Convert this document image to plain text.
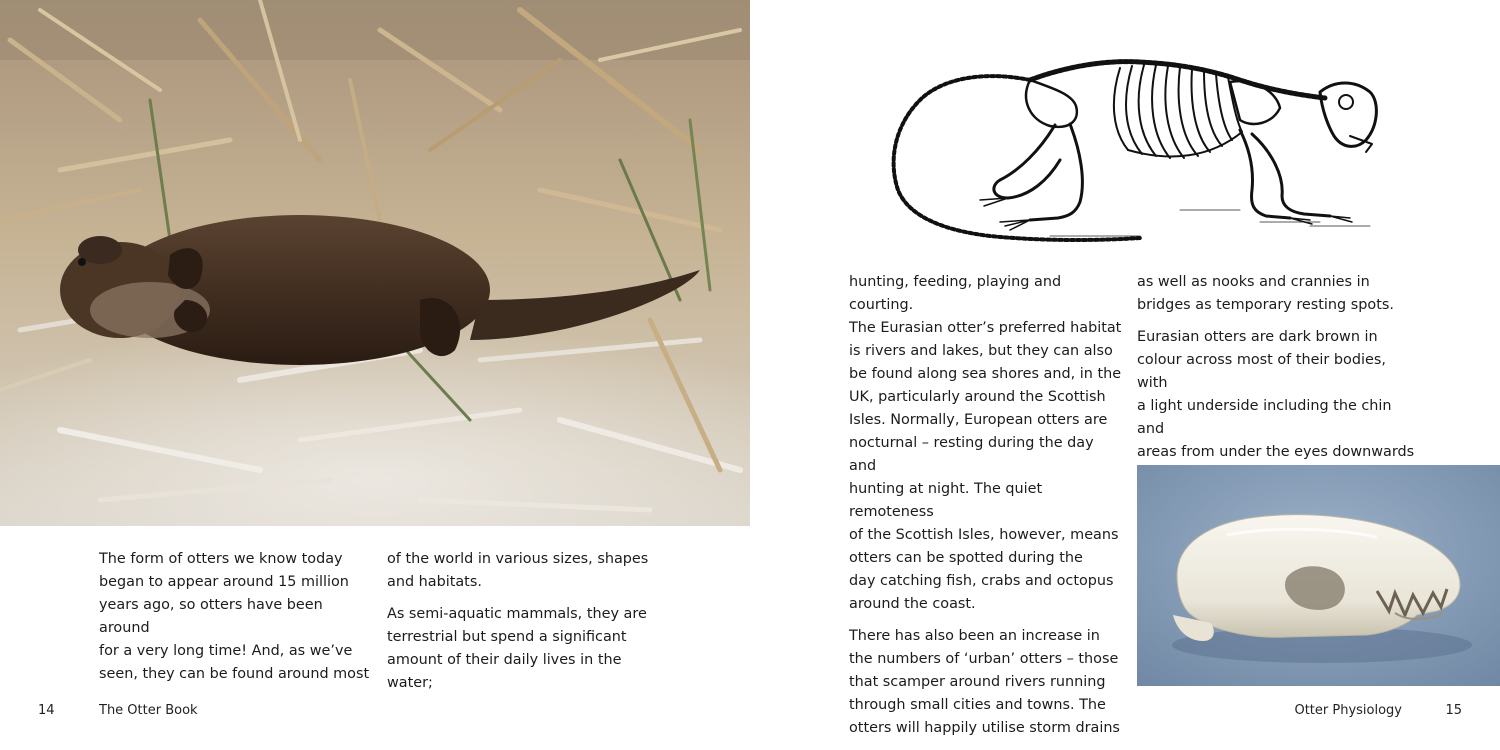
The form of otters we know today
began to appear around 15 million
years ago, so otters have been around
for a very long time! And, as we’ve
seen, they can be found around most

of the world in various sizes, shapes
and habitats.

As semi-aquatic mammals, they are
terrestrial but spend a significant
amount of their daily lives in the water;

14	The Otter Book

hunting, feeding, playing and courting.
The Eurasian otter’s preferred habitat
is rivers and lakes, but they can also
be found along sea shores and, in the
UK, particularly around the Scottish
Isles. Normally, European otters are
nocturnal – resting during the day and
hunting at night. The quiet remoteness
of the Scottish Isles, however, means
otters can be spotted during the
day catching fish, crabs and octopus
around the coast.

There has also been an increase in
the numbers of ‘urban’ otters – those
that scamper around rivers running
through small cities and towns. The
otters will happily utilise storm drains

as well as nooks and crannies in
bridges as temporary resting spots.

Eurasian otters are dark brown in
colour across most of their bodies, with
a light underside including the chin and
areas from under the eyes downwards

Otter Physiology	15
